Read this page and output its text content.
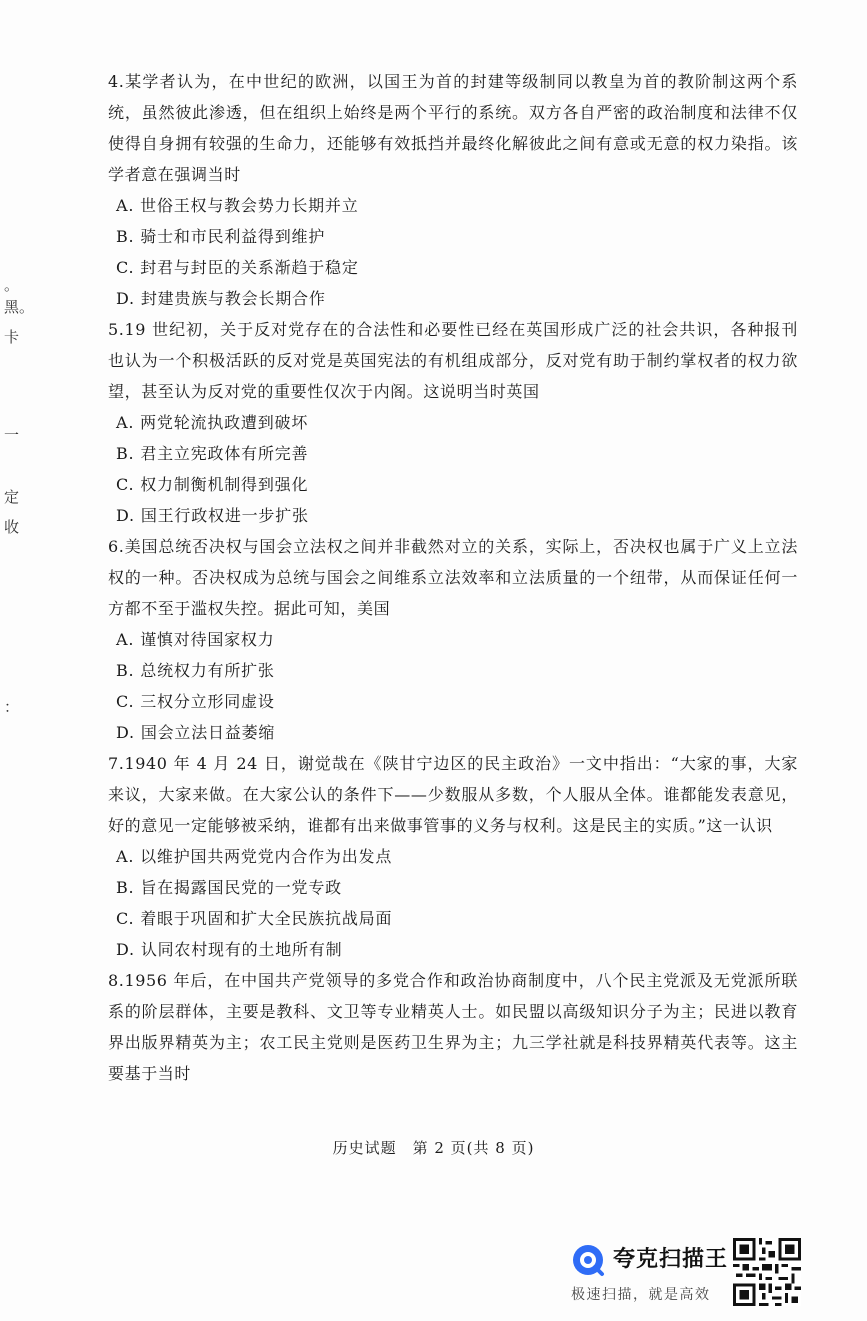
。
黑。
卡
一
定
收
：

4.某学者认为，在中世纪的欧洲，以国王为首的封建等级制同以教皇为首的教阶制这两个系统，虽然彼此渗透，但在组织上始终是两个平行的系统。双方各自严密的政治制度和法律不仅使得自身拥有较强的生命力，还能够有效抵挡并最终化解彼此之间有意或无意的权力染指。该学者意在强调当时

A. 世俗王权与教会势力长期并立
B. 骑士和市民利益得到维护
C. 封君与封臣的关系渐趋于稳定
D. 封建贵族与教会长期合作

5.19 世纪初，关于反对党存在的合法性和必要性已经在英国形成广泛的社会共识，各种报刊也认为一个积极活跃的反对党是英国宪法的有机组成部分，反对党有助于制约掌权者的权力欲望，甚至认为反对党的重要性仅次于内阁。这说明当时英国

A. 两党轮流执政遭到破坏
B. 君主立宪政体有所完善
C. 权力制衡机制得到强化
D. 国王行政权进一步扩张

6.美国总统否决权与国会立法权之间并非截然对立的关系，实际上，否决权也属于广义上立法权的一种。否决权成为总统与国会之间维系立法效率和立法质量的一个纽带，从而保证任何一方都不至于滥权失控。据此可知，美国

A. 谨慎对待国家权力
B. 总统权力有所扩张
C. 三权分立形同虚设
D. 国会立法日益萎缩

7.1940 年 4 月 24 日，谢觉哉在《陕甘宁边区的民主政治》一文中指出：“大家的事，大家来议，大家来做。在大家公认的条件下——少数服从多数，个人服从全体。谁都能发表意见，好的意见一定能够被采纳，谁都有出来做事管事的义务与权利。这是民主的实质。”这一认识

A. 以维护国共两党党内合作为出发点
B. 旨在揭露国民党的一党专政
C. 着眼于巩固和扩大全民族抗战局面
D. 认同农村现有的土地所有制

8.1956 年后，在中国共产党领导的多党合作和政治协商制度中，八个民主党派及无党派所联系的阶层群体，主要是教科、文卫等专业精英人士。如民盟以高级知识分子为主；民进以教育界出版界精英为主；农工民主党则是医药卫生界为主；九三学社就是科技界精英代表等。这主要基于当时

历史试题　第 2 页(共 8 页)
夸克扫描王
极速扫描，就是高效
